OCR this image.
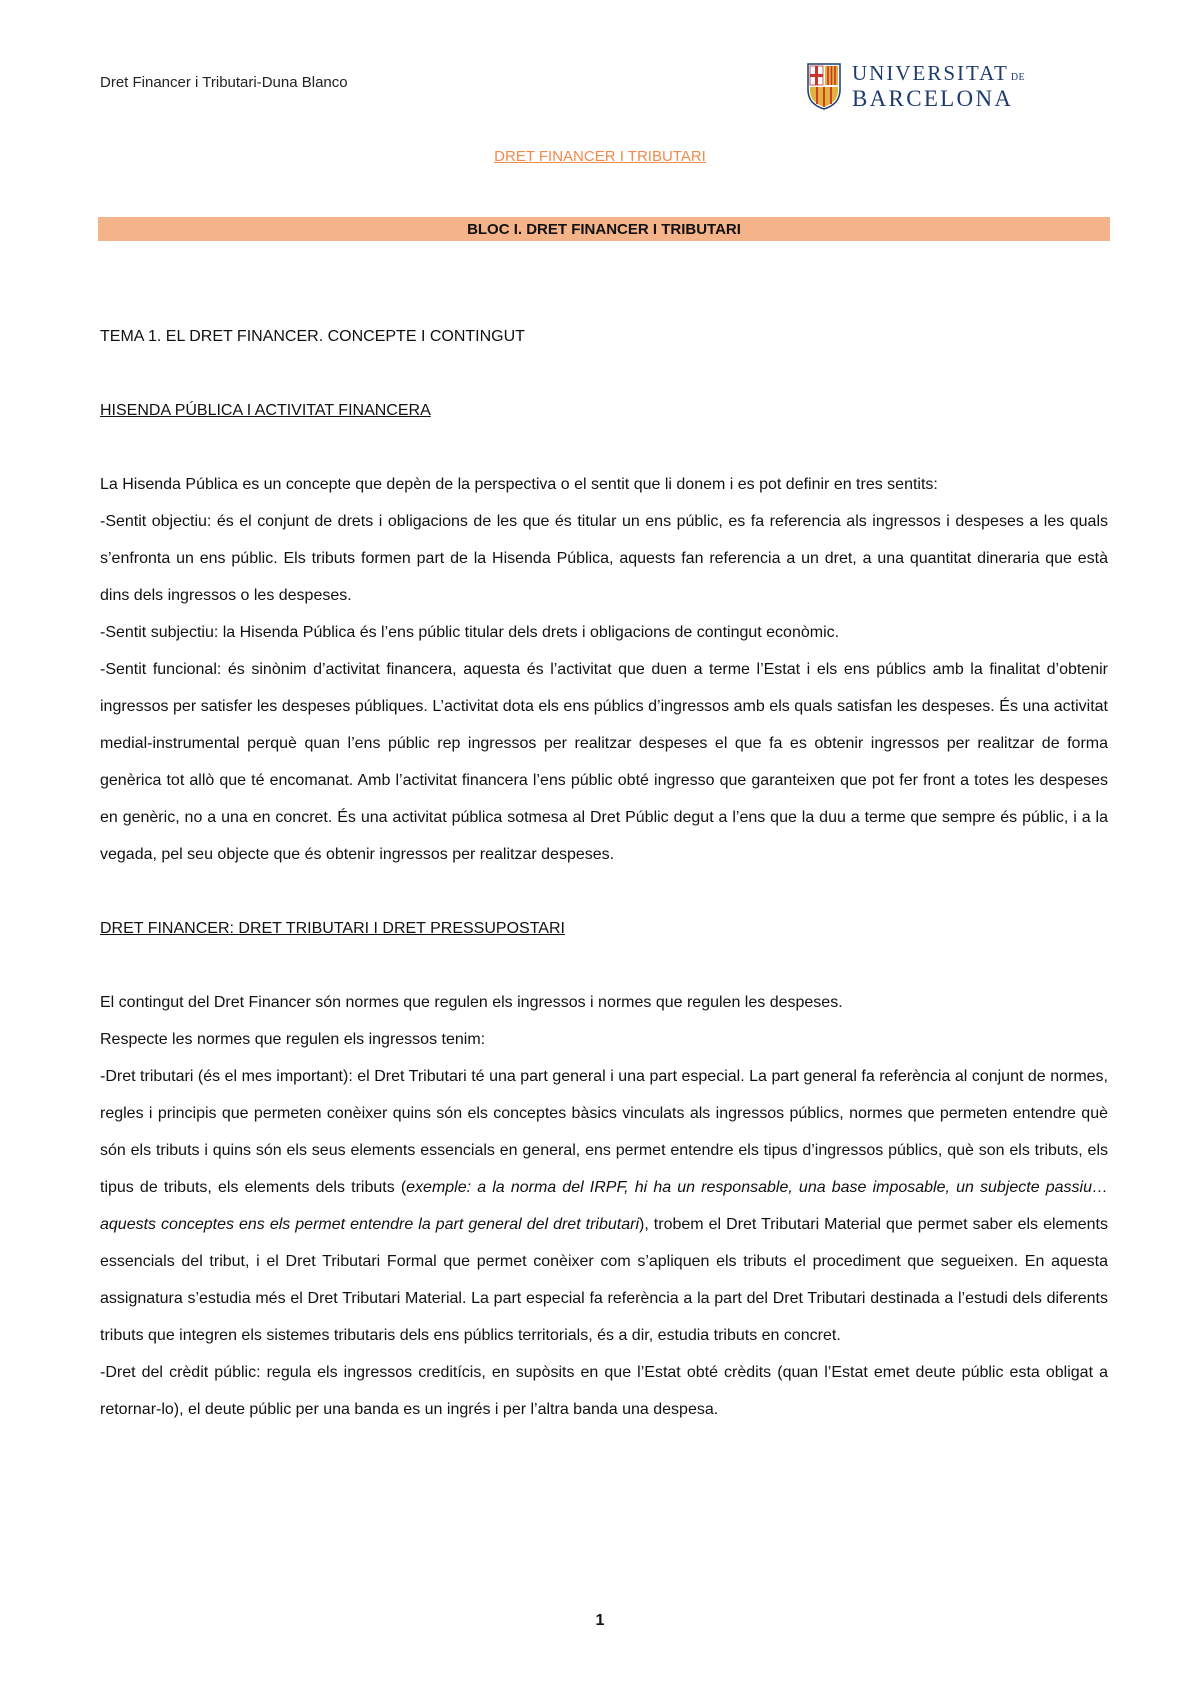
Dret Financer i Tributari-Duna Blanco	UNIVERSITAT DE
BARCELONA
DRET FINANCER I TRIBUTARI
BLOC I. DRET FINANCER I TRIBUTARI

TEMA 1. EL DRET FINANCER. CONCEPTE I CONTINGUT

HISENDA PÚBLICA I ACTIVITAT FINANCERA

La Hisenda Pública es un concepte que depèn de la perspectiva o el sentit que li donem i es pot definir en tres sentits:

-Sentit objectiu: és el conjunt de drets i obligacions de les que és titular un ens públic, es fa referencia als ingressos i despeses a les quals s’enfronta un ens públic. Els tributs formen part de la Hisenda Pública, aquests fan referencia a un dret, a una quantitat dineraria que està dins dels ingressos o les despeses.

-Sentit subjectiu: la Hisenda Pública és l’ens públic titular dels drets i obligacions de contingut econòmic.

-Sentit funcional: és sinònim d’activitat financera, aquesta és l’activitat que duen a terme l’Estat i els ens públics amb la finalitat d’obtenir ingressos per satisfer les despeses públiques. L’activitat dota els ens públics d’ingressos amb els quals satisfan les despeses. És una activitat medial-instrumental perquè quan l’ens públic rep ingressos per realitzar despeses el que fa es obtenir ingressos per realitzar de forma genèrica tot allò que té encomanat. Amb l’activitat financera l’ens públic obté ingresso que garanteixen que pot fer front a totes les despeses en genèric, no a una en concret. És una activitat pública sotmesa al Dret Públic degut a l’ens que la duu a terme que sempre és públic, i a la vegada, pel seu objecte que és obtenir ingressos per realitzar despeses.

DRET FINANCER: DRET TRIBUTARI I DRET PRESSUPOSTARI

El contingut del Dret Financer són normes que regulen els ingressos i normes que regulen les despeses.

Respecte les normes que regulen els ingressos tenim:

-Dret tributari (és el mes important): el Dret Tributari té una part general i una part especial. La part general fa referència al conjunt de normes, regles i principis que permeten conèixer quins són els conceptes bàsics vinculats als ingressos públics, normes que permeten entendre què són els tributs i quins són els seus elements essencials en general, ens permet entendre els tipus d’ingressos públics, què son els tributs, els tipus de tributs, els elements dels tributs (exemple: a la norma del IRPF, hi ha un responsable, una base imposable, un subjecte passiu… aquests conceptes ens els permet entendre la part general del dret tributari), trobem el Dret Tributari Material que permet saber els elements essencials del tribut, i el Dret Tributari Formal que permet conèixer com s’apliquen els tributs el procediment que segueixen. En aquesta assignatura s’estudia més el Dret Tributari Material. La part especial fa referència a la part del Dret Tributari destinada a l’estudi dels diferents tributs que integren els sistemes tributaris dels ens públics territorials, és a dir, estudia tributs en concret.

-Dret del crèdit públic: regula els ingressos creditícis, en supòsits en que l’Estat obté crèdits (quan l’Estat emet deute públic esta obligat a retornar-lo), el deute públic per una banda es un ingrés i per l’altra banda una despesa.

1
